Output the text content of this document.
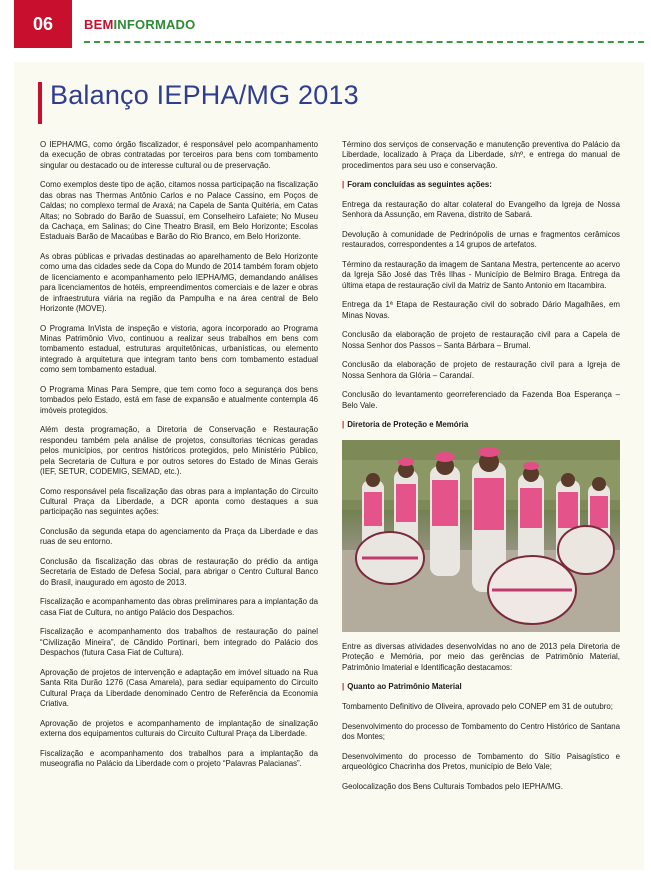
06	BEMINFORMADO
Balanço IEPHA/MG 2013

O IEPHA/MG, como órgão fiscalizador, é responsável pelo acompanhamento da execução de obras contratadas por terceiros para bens com tombamento singular ou destacado ou de interesse cultural ou de preservação.

Como exemplos deste tipo de ação, citamos nossa participação na fiscalização das obras nas Thermas Antônio Carlos e no Palace Cassino, em Poços de Caldas; no complexo termal de Araxá; na Capela de Santa Quitéria, em Catas Altas; no Sobrado do Barão de Suassuí, em Conselheiro Lafaiete; No Museu da Cachaça, em Salinas; do Cine Theatro Brasil, em Belo Horizonte; Escolas Estaduais Barão de Macaúbas e Barão do Rio Branco, em Belo Horizonte.

As obras públicas e privadas destinadas ao aparelhamento de Belo Horizonte como uma das cidades sede da Copa do Mundo de 2014 também foram objeto de licenciamento e acompanhamento pelo IEPHA/MG, demandando análises para licenciamentos de hotéis, empreendimentos comerciais e de lazer e obras de infraestrutura viária na região da Pampulha e na área central de Belo Horizonte (MOVE).

O Programa InVista de inspeção e vistoria, agora incorporado ao Programa Minas Patrimônio Vivo, continuou a realizar seus trabalhos em bens com tombamento estadual, estruturas arquitetônicas, urbanísticas, ou elemento integrado à arquitetura que integram tanto bens com tombamento estadual como sem tombamento estadual.

O Programa Minas Para Sempre, que tem como foco a segurança dos bens tombados pelo Estado, está em fase de expansão e atualmente contempla 46 imóveis protegidos.

Além desta programação, a Diretoria de Conservação e Restauração respondeu também pela análise de projetos, consultorias técnicas geradas pelos municípios, por centros históricos protegidos, pelo Ministério Público, pela Secretaria de Cultura e por outros setores do Estado de Minas Gerais (IEF, SETUR, CODEMIG, SEMAD, etc.).

Como responsável pela fiscalização das obras para a implantação do Circuito Cultural Praça da Liberdade, a DCR aponta como destaques a sua participação nas seguintes ações:

Conclusão da segunda etapa do agenciamento da Praça da Liberdade e das ruas de seu entorno.

Conclusão da fiscalização das obras de restauração do prédio da antiga Secretaria de Estado de Defesa Social, para abrigar o Centro Cultural Banco do Brasil, inaugurado em agosto de 2013.

Fiscalização e acompanhamento das obras preliminares para a implantação da casa Fiat de Cultura, no antigo Palácio dos Despachos.

Fiscalização e acompanhamento dos trabalhos de restauração do painel “Civilização Mineira”, de Cândido Portinari, bem integrado do Palácio dos Despachos (futura Casa Fiat de Cultura).

Aprovação de projetos de intervenção e adaptação em imóvel situado na Rua Santa Rita Durão 1276 (Casa Amarela), para sediar equipamento do Circuito Cultural Praça da Liberdade denominado Centro de Referência da Economia Criativa.

Aprovação de projetos e acompanhamento de implantação de sinalização externa dos equipamentos culturais do Circuito Cultural Praça da Liberdade.

Fiscalização e acompanhamento dos trabalhos para a implantação da museografia no Palácio da Liberdade com o projeto “Palavras Palacianas”.

Término dos serviços de conservação e manutenção preventiva do Palácio da Liberdade, localizado à Praça da Liberdade, s/nº, e entrega do manual de procedimentos para seu uso e conservação.

| Foram concluídas as seguintes ações:

Entrega da restauração do altar colateral do Evangelho da Igreja de Nossa Senhora da Assunção, em Ravena, distrito de Sabará.

Devolução à comunidade de Pedrinópolis de urnas e fragmentos cerâmicos restaurados, correspondentes a 14 grupos de artefatos.

Término da restauração da imagem de Santana Mestra, pertencente ao acervo da Igreja São José das Três Ilhas - Município de Belmiro Braga. Entrega da última etapa de restauração civil da Matriz de Santo Antonio em Itacambira.

Entrega da 1ª Etapa de Restauração civil do sobrado Dário Magalhães, em Minas Novas.

Conclusão da elaboração de projeto de restauração civil para a Capela de Nossa Senhor dos Passos – Santa Bárbara – Brumal.

Conclusão da elaboração de projeto de restauração civil para a Igreja de Nossa Senhora da Glória – Carandaí.

Conclusão do levantamento georreferenciado da Fazenda Boa Esperança – Belo Vale.

| Diretoria de Proteção e Memória

Entre as diversas atividades desenvolvidas no ano de 2013 pela Diretoria de Proteção e Memória, por meio das gerências de Patrimônio Material, Patrimônio Imaterial e Identificação destacamos:

| Quanto ao Patrimônio Material

Tombamento Definitivo de Oliveira, aprovado pelo CONEP em 31 de outubro;

Desenvolvimento do processo de Tombamento do Centro Histórico de Santana dos Montes;

Desenvolvimento do processo de Tombamento do Sítio Paisagístico e arqueológico Chacrinha dos Pretos, município de Belo Vale;

Geolocalização dos Bens Culturais Tombados pelo IEPHA/MG.
